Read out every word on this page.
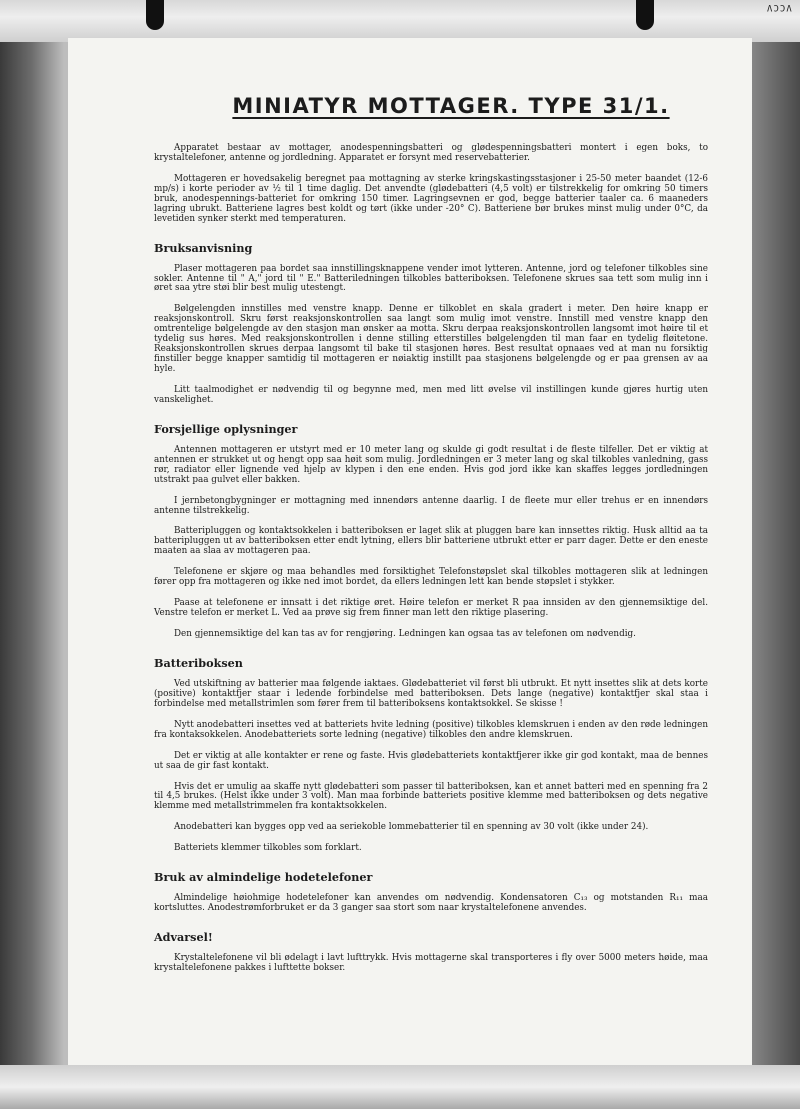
VCCV
MINIATYR MOTTAGER. TYPE 31/1.

Apparatet bestaar av mottager, anodespenningsbatteri og glødespenningsbatteri montert i egen boks, to krystaltelefoner, antenne og jordledning. Apparatet er forsynt med reservebatterier.

Mottageren er hovedsakelig beregnet paa mottagning av sterke kringskastingsstasjoner i 25-50 meter baandet (12-6 mp/s) i korte perioder av ½ til 1 time daglig. Det anvendte (glødebatteri (4,5 volt) er tilstrekkelig for omkring 50 timers bruk, anodespennings-batteriet for omkring 150 timer. Lagringsevnen er god, begge batterier taaler ca. 6 maaneders lagring ubrukt. Batteriene lagres best koldt og tørt (ikke under -20° C). Batteriene bør brukes minst mulig under 0°C, da levetiden synker sterkt med temperaturen.

Bruksanvisning

Plaser mottageren paa bordet saa innstillingsknappene vender imot lytteren. Antenne, jord og telefoner tilkobles sine sokler. Antenne til " A," jord til " E." Batteriledningen tilkobles batteriboksen. Telefonene skrues saa tett som mulig inn i øret saa ytre støi blir best mulig utestengt.

Bølgelengden innstilles med venstre knapp. Denne er tilkoblet en skala gradert i meter. Den høire knapp er reaksjonskontroll. Skru først reaksjonskontrollen saa langt som mulig imot venstre. Innstill med venstre knapp den omtrentelige bølgelengde av den stasjon man ønsker aa motta. Skru derpaa reaksjonskontrollen langsomt imot høire til et tydelig sus høres. Med reaksjonskontrollen i denne stilling etterstilles bølgelengden til man faar en tydelig fløitetone. Reaksjonskontrollen skrues derpaa langsomt til bake til stasjonen høres. Best resultat opnaaes ved at man nu forsiktig finstiller begge knapper samtidig til mottageren er nøiaktig instillt paa stasjonens bølgelengde og er paa grensen av aa hyle.

Litt taalmodighet er nødvendig til og begynne med, men med litt øvelse vil instillingen kunde gjøres hurtig uten vanskelighet.

Forsjellige oplysninger

Antennen mottageren er utstyrt med er 10 meter lang og skulde gi godt resultat i de fleste tilfeller. Det er viktig at antennen er strukket ut og hengt opp saa høit som mulig. Jordledningen er 3 meter lang og skal tilkobles vanledning, gass rør, radiator eller lignende ved hjelp av klypen i den ene enden. Hvis god jord ikke kan skaffes legges jordledningen utstrakt paa gulvet eller bakken.

I jernbetongbygninger er mottagning med innendørs antenne daarlig. I de fleete mur eller trehus er en innendørs antenne tilstrekkelig.

Batteripluggen og kontaktsokkelen i batteriboksen er laget slik at pluggen bare kan innsettes riktig. Husk alltid aa ta batteripluggen ut av batteriboksen etter endt lytning, ellers blir batteriene utbrukt etter er parr dager. Dette er den eneste maaten aa slaa av mottageren paa.

Telefonene er skjøre og maa behandles med forsiktighet Telefonstøpslet skal tilkobles mottageren slik at ledningen fører opp fra mottageren og ikke ned imot bordet, da ellers ledningen lett kan bende støpslet i stykker.

Paase at telefonene er innsatt i det riktige øret. Høire telefon er merket R paa innsiden av den gjennemsiktige del. Venstre telefon er merket L. Ved aa prøve sig frem finner man lett den riktige plasering.

Den gjennemsiktige del kan tas av for rengjøring. Ledningen kan ogsaa tas av telefonen om nødvendig.

Batteriboksen

Ved utskiftning av batterier maa følgende iaktaes. Glødebatteriet vil først bli utbrukt. Et nytt insettes slik at dets korte (positive) kontaktfjer staar i ledende forbindelse med batteriboksen. Dets lange (negative) kontaktfjer skal staa i forbindelse med metallstrimlen som fører frem til batteriboksens kontaktsokkel. Se skisse !

Nytt anodebatteri insettes ved at batteriets hvite ledning (positive) tilkobles klemskruen i enden av den røde ledningen fra kontaksokkelen. Anodebatteriets sorte ledning (negative) tilkobles den andre klemskruen.

Det er viktig at alle kontakter er rene og faste. Hvis glødebatteriets kontaktfjerer ikke gir god kontakt, maa de bennes ut saa de gir fast kontakt.

Hvis det er umulig aa skaffe nytt glødebatteri som passer til batteriboksen, kan et annet batteri med en spenning fra 2 til 4,5 brukes. (Helst ikke under 3 volt). Man maa forbinde batteriets positive klemme med batteriboksen og dets negative klemme med metallstrimmelen fra kontaktsokkelen.

Anodebatteri kan bygges opp ved aa seriekoble lommebatterier til en spenning av 30 volt (ikke under 24).

Batteriets klemmer tilkobles som forklart.

Bruk av almindelige hodetelefoner

Almindelige høiohmige hodetelefoner kan anvendes om nødvendig. Kondensatoren C₁₃ og motstanden R₁₁ maa kortsluttes. Anodestrømforbruket er da 3 ganger saa stort som naar krystaltelefonene anvendes.

Advarsel!

Krystaltelefonene vil bli ødelagt i lavt lufttrykk. Hvis mottagerne skal transporteres i fly over 5000 meters høide, maa krystaltelefonene pakkes i lufttette bokser.
